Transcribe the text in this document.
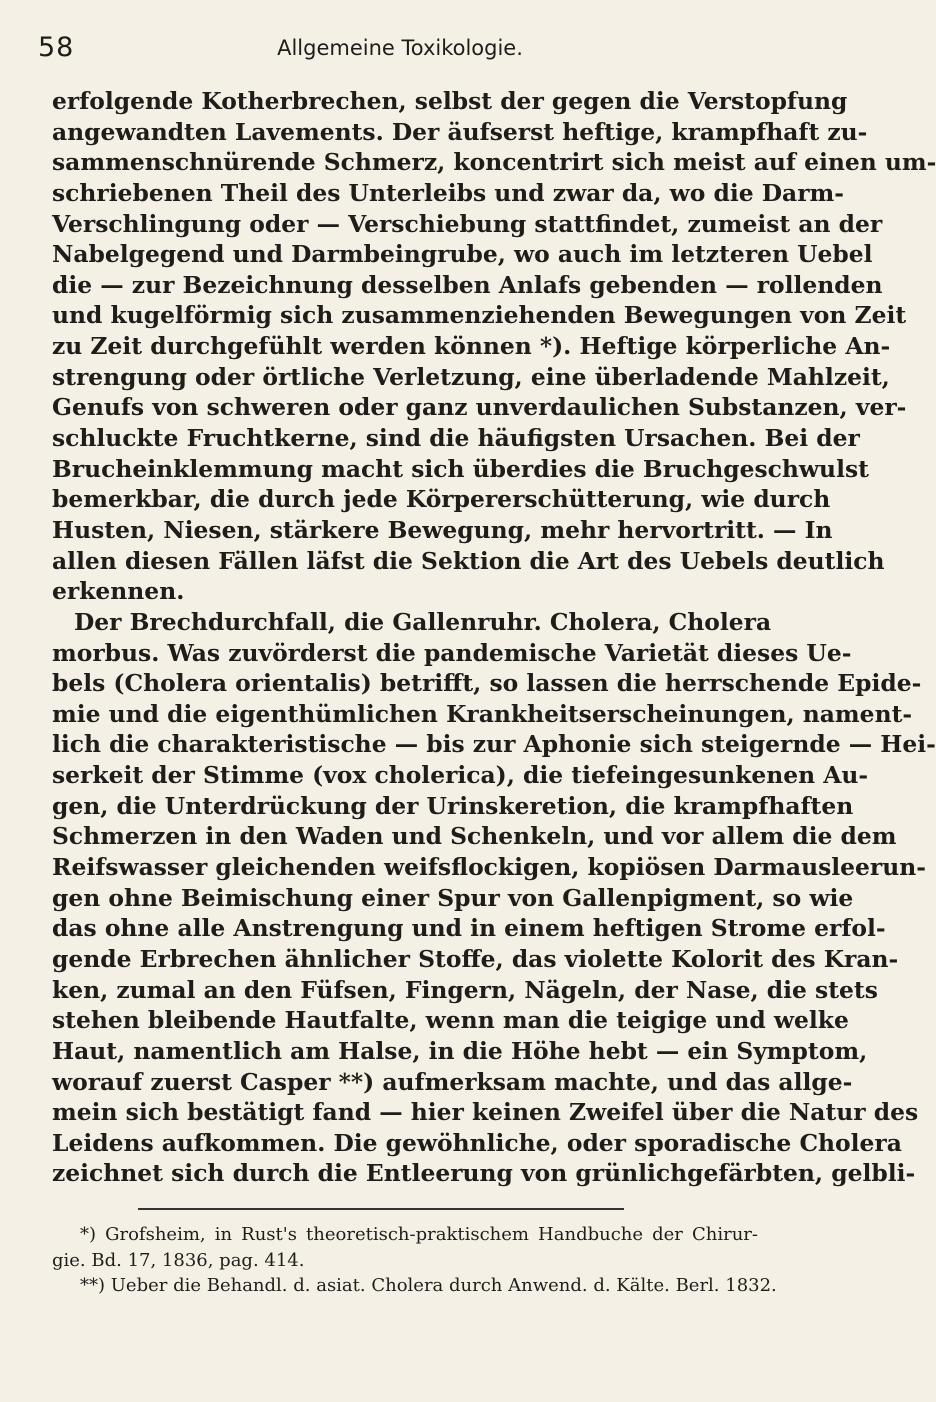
58	Allgemeine Toxikologie.
erfolgende Kotherbrechen, selbst der gegen die Verstopfung
angewandten Lavements. Der äufserst heftige, krampfhaft zu-
sammenschnürende Schmerz, koncentrirt sich meist auf einen um-
schriebenen Theil des Unterleibs und zwar da, wo die Darm-
Verschlingung oder — Verschiebung stattfindet, zumeist an der
Nabelgegend und Darmbeingrube, wo auch im letzteren Uebel
die — zur Bezeichnung desselben Anlafs gebenden — rollenden
und kugelförmig sich zusammenziehenden Bewegungen von Zeit
zu Zeit durchgefühlt werden können *). Heftige körperliche An-
strengung oder örtliche Verletzung, eine überladende Mahlzeit,
Genufs von schweren oder ganz unverdaulichen Substanzen, ver-
schluckte Fruchtkerne, sind die häufigsten Ursachen. Bei der
Brucheinklemmung macht sich überdies die Bruchgeschwulst
bemerkbar, die durch jede Körpererschütterung, wie durch
Husten, Niesen, stärkere Bewegung, mehr hervortritt. — In
allen diesen Fällen läfst die Sektion die Art des Uebels deutlich
erkennen.
Der Brechdurchfall, die Gallenruhr. Cholera, Cholera
morbus. Was zuvörderst die pandemische Varietät dieses Ue-
bels (Cholera orientalis) betrifft, so lassen die herrschende Epide-
mie und die eigenthümlichen Krankheitserscheinungen, nament-
lich die charakteristische — bis zur Aphonie sich steigernde — Hei-
serkeit der Stimme (vox cholerica), die tiefeingesunkenen Au-
gen, die Unterdrückung der Urinskeretion, die krampfhaften
Schmerzen in den Waden und Schenkeln, und vor allem die dem
Reifswasser gleichenden weifsflockigen, kopiösen Darmausleerun-
gen ohne Beimischung einer Spur von Gallenpigment, so wie
das ohne alle Anstrengung und in einem heftigen Strome erfol-
gende Erbrechen ähnlicher Stoffe, das violette Kolorit des Kran-
ken, zumal an den Füfsen, Fingern, Nägeln, der Nase, die stets
stehen bleibende Hautfalte, wenn man die teigige und welke
Haut, namentlich am Halse, in die Höhe hebt — ein Symptom,
worauf zuerst Casper **) aufmerksam machte, und das allge-
mein sich bestätigt fand — hier keinen Zweifel über die Natur des
Leidens aufkommen. Die gewöhnliche, oder sporadische Cholera
zeichnet sich durch die Entleerung von grünlichgefärbten, gelbli-
*) Grofsheim, in Rust's theoretisch-praktischem Handbuche der Chirur-
gie. Bd. 17, 1836, pag. 414.
**) Ueber die Behandl. d. asiat. Cholera durch Anwend. d. Kälte. Berl. 1832.
